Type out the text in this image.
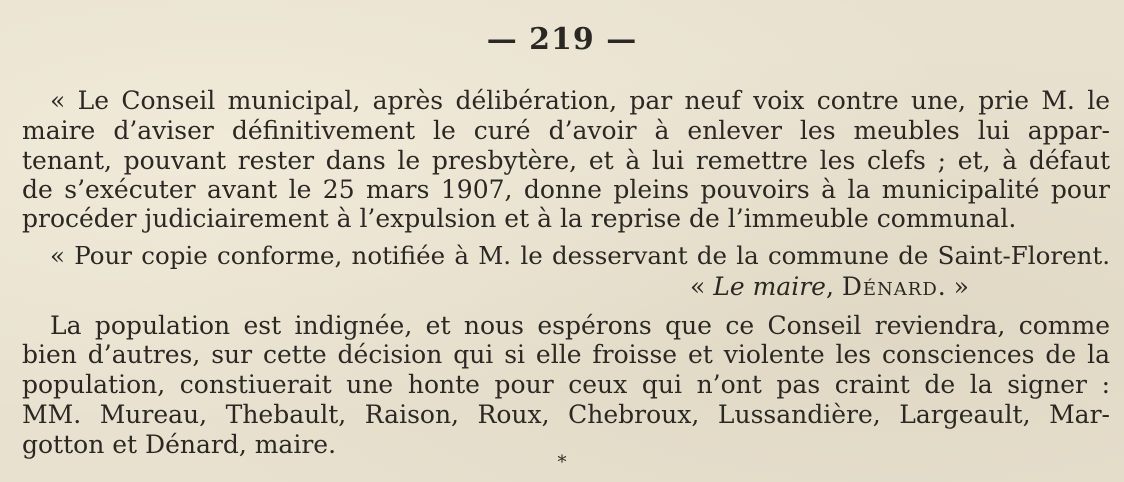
— 219 —
« Le Conseil municipal, après délibération, par neuf voix contre une, prie M. le
maire d’aviser définitivement le curé d’avoir à enlever les meubles lui appar-
tenant, pouvant rester dans le presbytère, et à lui remettre les clefs ; et, à défaut
de s’exécuter avant le 25 mars 1907, donne pleins pouvoirs à la municipalité pour
procéder judiciairement à l’expulsion et à la reprise de l’immeuble communal.
« Pour copie conforme, notifiée à M. le desservant de la commune de Saint-Florent.
« Le maire, Dénard. »
La population est indignée, et nous espérons que ce Conseil reviendra, comme
bien d’autres, sur cette décision qui si elle froisse et violente les consciences de la
population, constiuerait une honte pour ceux qui n’ont pas craint de la signer :
MM. Mureau, Thebault, Raison, Roux, Chebroux, Lussandière, Largeault, Mar-
gotton et Dénard, maire.
*
